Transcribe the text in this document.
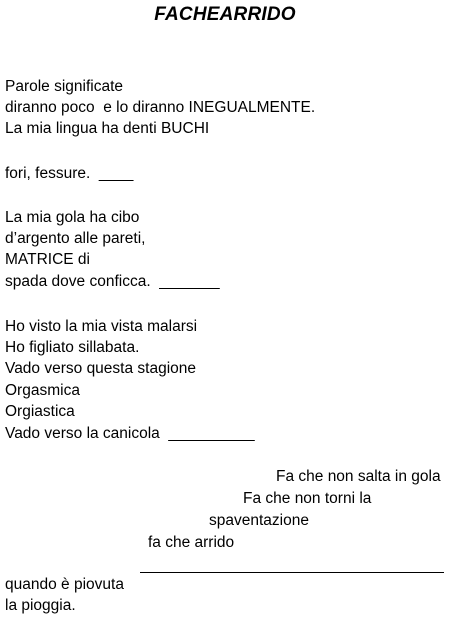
FACHEARRIDO
Parole significate
diranno poco  e lo diranno INEGUALMENTE.
La mia lingua ha denti BUCHI
fori, fessure.  ____
La mia gola ha cibo
d’argento alle pareti,
MATRICE di
spada dove conficca.  _______
Ho visto la mia vista malarsi
Ho figliato sillabata.
Vado verso questa stagione
Orgasmica
Orgiastica
Vado verso la canicola  __________
Fa che non salta in gola
Fa che non torni la
spaventazione
fa che arrido
quando è piovuta
la pioggia.
